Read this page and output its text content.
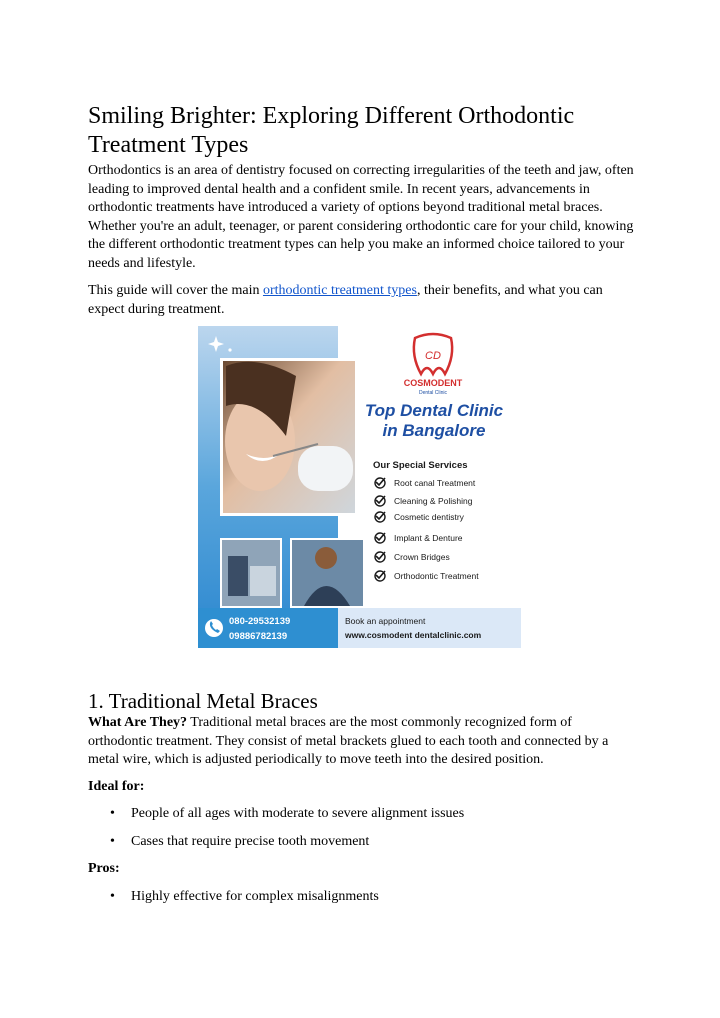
Smiling Brighter: Exploring Different Orthodontic Treatment Types

Orthodontics is an area of dentistry focused on correcting irregularities of the teeth and jaw, often leading to improved dental health and a confident smile. In recent years, advancements in orthodontic treatments have introduced a variety of options beyond traditional metal braces. Whether you're an adult, teenager, or parent considering orthodontic care for your child, knowing the different orthodontic treatment types can help you make an informed choice tailored to your needs and lifestyle.

This guide will cover the main orthodontic treatment types, their benefits, and what you can expect during treatment.

CD
COSMODENT
Dental Clinic
Top Dental Clinic
in Bangalore
Our Special Services
Root canal Treatment
Cleaning & Polishing
Cosmetic dentistry
Implant & Denture
Crown Bridges
Orthodontic Treatment
080-29532139
09886782139
Book an appointment
www.cosmodent dentalclinic.com
1. Traditional Metal Braces

What Are They? Traditional metal braces are the most commonly recognized form of orthodontic treatment. They consist of metal brackets glued to each tooth and connected by a metal wire, which is adjusted periodically to move teeth into the desired position.

Ideal for:

• People of all ages with moderate to severe alignment issues
• Cases that require precise tooth movement

Pros:

• Highly effective for complex misalignments
